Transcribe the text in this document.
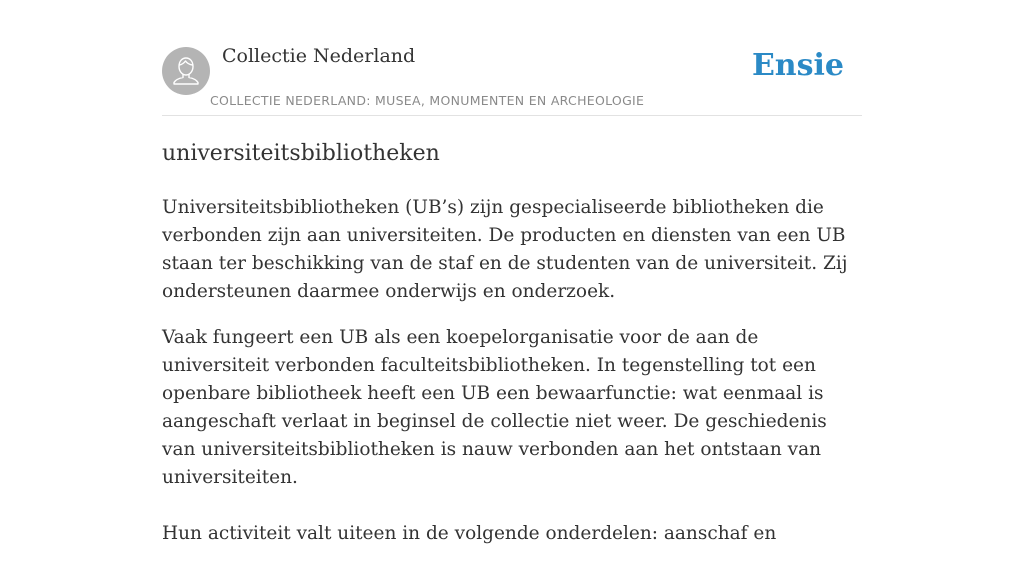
Collectie Nederland
COLLECTIE NEDERLAND: MUSEA, MONUMENTEN EN ARCHEOLOGIE
Ensie
universiteitsbibliotheken

Universiteitsbibliotheken (UB’s) zijn gespecialiseerde bibliotheken die verbonden zijn aan universiteiten. De producten en diensten van een UB staan ter beschikking van de staf en de studenten van de universiteit. Zij ondersteunen daarmee onderwijs en onderzoek.

Vaak fungeert een UB als een koepelorganisatie voor de aan de universiteit verbonden faculteitsbibliotheken. In tegenstelling tot een openbare bibliotheek heeft een UB een bewaarfunctie: wat eenmaal is aangeschaft verlaat in beginsel de collectie niet weer. De geschiedenis van universiteitsbibliotheken is nauw verbonden aan het ontstaan van universiteiten.

Hun activiteit valt uiteen in de volgende onderdelen: aanschaf en
